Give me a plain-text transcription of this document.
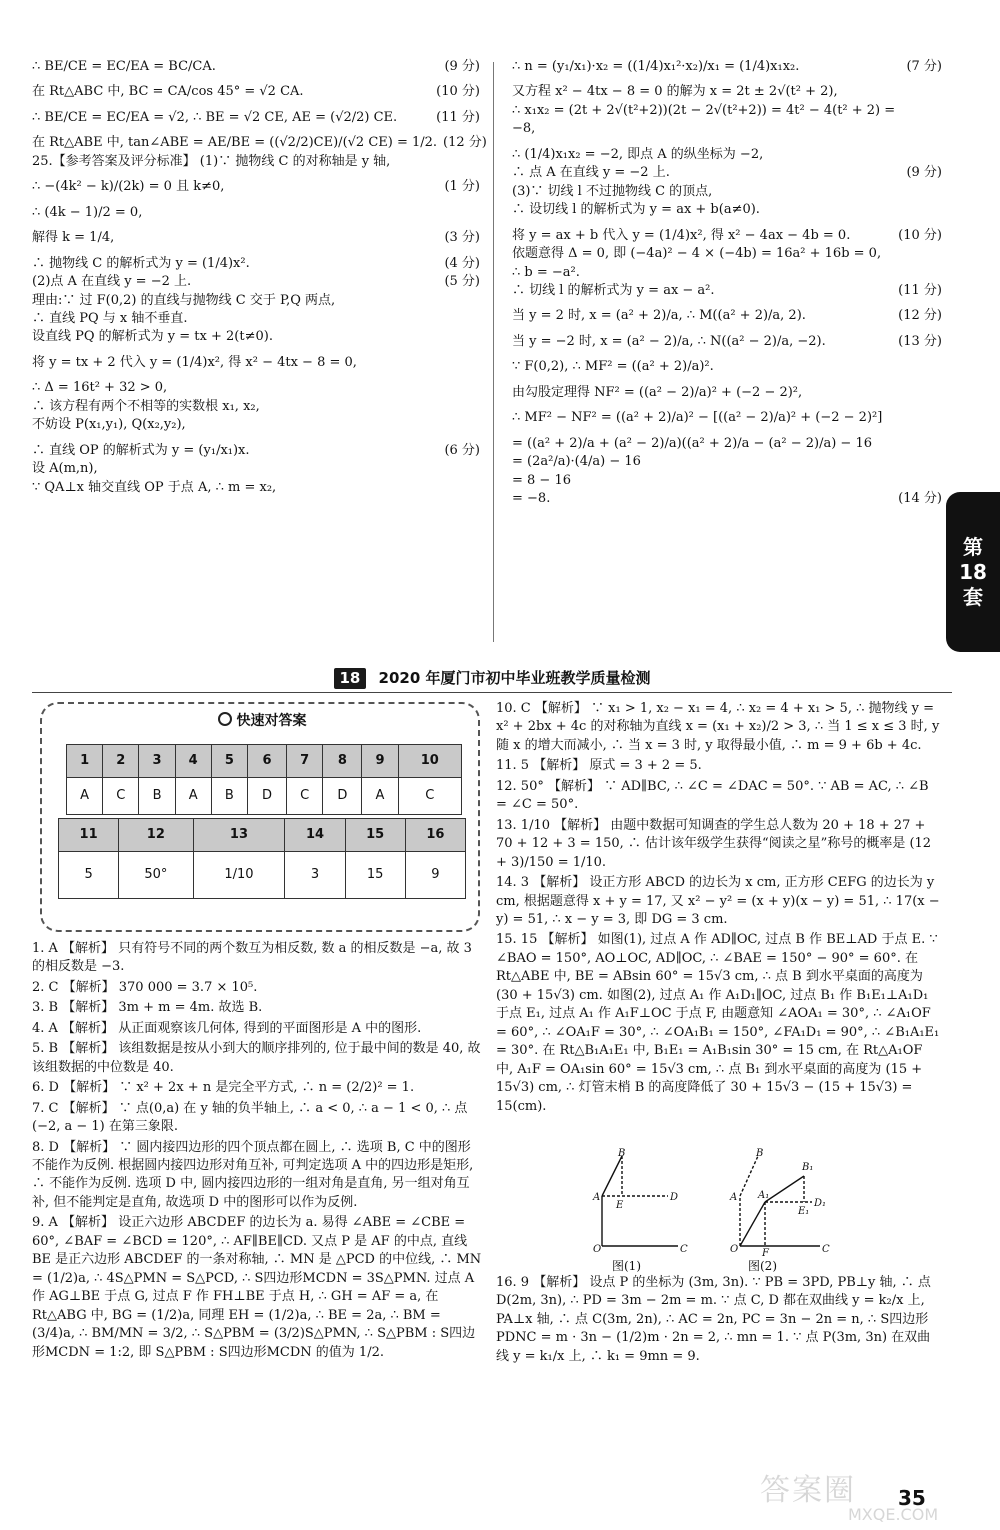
∴ BE/CE = EC/EA = BC/CA.	(9 分)
在 Rt△ABC 中, BC = CA/cos 45° = √2 CA.	(10 分)
∴ BE/CE = EC/EA = √2, ∴ BE = √2 CE, AE = (√2/2) CE.	(11 分)
在 Rt△ABE 中, tan∠ABE = AE/BE = ((√2/2)CE)/(√2 CE) = 1/2. (12 分)
25.【参考答案及评分标准】 (1)∵ 抛物线 C 的对称轴是 y 轴,
∴ −(4k² − k)/(2k) = 0 且 k≠0,	(1 分)
∴ (4k − 1)/2 = 0,
解得 k = 1/4,	(3 分)
∴ 抛物线 C 的解析式为 y = (1/4)x².	(4 分)
(2)点 A 在直线 y = −2 上.	(5 分)
理由:∵ 过 F(0,2) 的直线与抛物线 C 交于 P,Q 两点,
∴ 直线 PQ 与 x 轴不垂直.
设直线 PQ 的解析式为 y = tx + 2(t≠0).
将 y = tx + 2 代入 y = (1/4)x², 得 x² − 4tx − 8 = 0,
∴ Δ = 16t² + 32 > 0,
∴ 该方程有两个不相等的实数根 x₁, x₂,
不妨设 P(x₁,y₁), Q(x₂,y₂),
∴ 直线 OP 的解析式为 y = (y₁/x₁)x.	(6 分)
设 A(m,n),
∵ QA⊥x 轴交直线 OP 于点 A, ∴ m = x₂,
∴ n = (y₁/x₁)·x₂ = ((1/4)x₁²·x₂)/x₁ = (1/4)x₁x₂.	(7 分)
又方程 x² − 4tx − 8 = 0 的解为 x = 2t ± 2√(t² + 2),
∴ x₁x₂ = (2t + 2√(t²+2))(2t − 2√(t²+2)) = 4t² − 4(t² + 2) =
−8,
∴ (1/4)x₁x₂ = −2, 即点 A 的纵坐标为 −2,
∴ 点 A 在直线 y = −2 上.	(9 分)
(3)∵ 切线 l 不过抛物线 C 的顶点,
∴ 设切线 l 的解析式为 y = ax + b(a≠0).
将 y = ax + b 代入 y = (1/4)x², 得 x² − 4ax − 4b = 0.	(10 分)
依题意得 Δ = 0, 即 (−4a)² − 4 × (−4b) = 16a² + 16b = 0,
∴ b = −a².
∴ 切线 l 的解析式为 y = ax − a².	(11 分)
当 y = 2 时, x = (a² + 2)/a, ∴ M((a² + 2)/a, 2).	(12 分)
当 y = −2 时, x = (a² − 2)/a, ∴ N((a² − 2)/a, −2).	(13 分)
∵ F(0,2), ∴ MF² = ((a² + 2)/a)².
由勾股定理得 NF² = ((a² − 2)/a)² + (−2 − 2)²,
∴ MF² − NF² = ((a² + 2)/a)² − [((a² − 2)/a)² + (−2 − 2)²]
= ((a² + 2)/a + (a² − 2)/a)((a² + 2)/a − (a² − 2)/a) − 16
= (2a²/a)·(4/a) − 16
= 8 − 16
= −8.	(14 分)
第
18
套
18 2020 年厦门市初中毕业班教学质量检测
快速对答案
1	2	3	4	5	6	7	8	9	10
A	C	B	A	B	D	C	D	A	C
11	12	13	14	15	16
5	50°	1/10	3	15	9
1. A 【解析】 只有符号不同的两个数互为相反数, 数 a 的相反数是 −a, 故 3 的相反数是 −3.
2. C 【解析】 370 000 = 3.7 × 10⁵.
3. B 【解析】 3m + m = 4m. 故选 B.
4. A 【解析】 从正面观察该几何体, 得到的平面图形是 A 中的图形.
5. B 【解析】 该组数据是按从小到大的顺序排列的, 位于最中间的数是 40, 故该组数据的中位数是 40.
6. D 【解析】 ∵ x² + 2x + n 是完全平方式, ∴ n = (2/2)² = 1.
7. C 【解析】 ∵ 点(0,a) 在 y 轴的负半轴上, ∴ a < 0, ∴ a − 1 < 0, ∴ 点 (−2, a − 1) 在第三象限.
8. D 【解析】 ∵ 圆内接四边形的四个顶点都在圆上, ∴ 选项 B, C 中的图形不能作为反例. 根据圆内接四边形对角互补, 可判定选项 A 中的四边形是矩形, ∴ 不能作为反例. 选项 D 中, 圆内接四边形的一组对角是直角, 另一组对角互补, 但不能判定是直角, 故选项 D 中的图形可以作为反例.
9. A 【解析】 设正六边形 ABCDEF 的边长为 a. 易得 ∠ABE = ∠CBE = 60°, ∠BAF = ∠BCD = 120°, ∴ AF∥BE∥CD. 又点 P 是 AF 的中点, 直线 BE 是正六边形 ABCDEF 的一条对称轴, ∴ MN 是 △PCD 的中位线, ∴ MN = (1/2)a, ∴ 4S△PMN = S△PCD, ∴ S四边形MCDN = 3S△PMN. 过点 A 作 AG⊥BE 于点 G, 过点 F 作 FH⊥BE 于点 H, ∴ GH = AF = a, 在 Rt△ABG 中, BG = (1/2)a, 同理 EH = (1/2)a, ∴ BE = 2a, ∴ BM = (3/4)a, ∴ BM/MN = 3/2, ∴ S△PBM = (3/2)S△PMN, ∴ S△PBM : S四边形MCDN = 1:2, 即 S△PBM : S四边形MCDN 的值为 1/2.
10. C 【解析】 ∵ x₁ > 1, x₂ − x₁ = 4, ∴ x₂ = 4 + x₁ > 5, ∴ 抛物线 y = x² + 2bx + 4c 的对称轴为直线 x = (x₁ + x₂)/2 > 3, ∴ 当 1 ≤ x ≤ 3 时, y 随 x 的增大而减小, ∴ 当 x = 3 时, y 取得最小值, ∴ m = 9 + 6b + 4c.
11. 5 【解析】 原式 = 3 + 2 = 5.
12. 50° 【解析】 ∵ AD∥BC, ∴ ∠C = ∠DAC = 50°. ∵ AB = AC, ∴ ∠B = ∠C = 50°.
13. 1/10 【解析】 由题中数据可知调查的学生总人数为 20 + 18 + 27 + 70 + 12 + 3 = 150, ∴ 估计该年级学生获得“阅读之星”称号的概率是 (12 + 3)/150 = 1/10.
14. 3 【解析】 设正方形 ABCD 的边长为 x cm, 正方形 CEFG 的边长为 y cm, 根据题意得 x + y = 17, 又 x² − y² = (x + y)(x − y) = 51, ∴ 17(x − y) = 51, ∴ x − y = 3, 即 DG = 3 cm.
15. 15 【解析】 如图(1), 过点 A 作 AD∥OC, 过点 B 作 BE⊥AD 于点 E. ∵ ∠BAO = 150°, AO⊥OC, AD∥OC, ∴ ∠BAE = 150° − 90° = 60°. 在 Rt△ABE 中, BE = ABsin 60° = 15√3 cm, ∴ 点 B 到水平桌面的高度为 (30 + 15√3) cm. 如图(2), 过点 A₁ 作 A₁D₁∥OC, 过点 B₁ 作 B₁E₁⊥A₁D₁ 于点 E₁, 过点 A₁ 作 A₁F⊥OC 于点 F, 由题意知 ∠AOA₁ = 30°, ∴ ∠A₁OF = 60°, ∴ ∠OA₁F = 30°, ∴ ∠OA₁B₁ = 150°, ∠FA₁D₁ = 90°, ∴ ∠B₁A₁E₁ = 30°. 在 Rt△B₁A₁E₁ 中, B₁E₁ = A₁B₁sin 30° = 15 cm, 在 Rt△A₁OF 中, A₁F = OA₁sin 60° = 15√3 cm, ∴ 点 B₁ 到水平桌面的高度为 (15 + 15√3) cm, ∴ 灯管末梢 B 的高度降低了 30 + 15√3 − (15 + 15√3) = 15(cm).
B
A	D
E
O	C
B
A A₁
B₁
D₁
E₁
O F	C
图(1)	图(2)
16. 9 【解析】 设点 P 的坐标为 (3m, 3n). ∵ PB = 3PD, PB⊥y 轴, ∴ 点 D(2m, 3n), ∴ PD = 3m − 2m = m. ∵ 点 C, D 都在双曲线 y = k₂/x 上, PA⊥x 轴, ∴ 点 C(3m, 2n), ∴ AC = 2n, PC = 3n − 2n = n, ∴ S四边形PDNC = m · 3n − (1/2)m · 2n = 2, ∴ mn = 1. ∵ 点 P(3m, 3n) 在双曲线 y = k₁/x 上, ∴ k₁ = 9mn = 9.
答案圈
MXQE.COM
35
